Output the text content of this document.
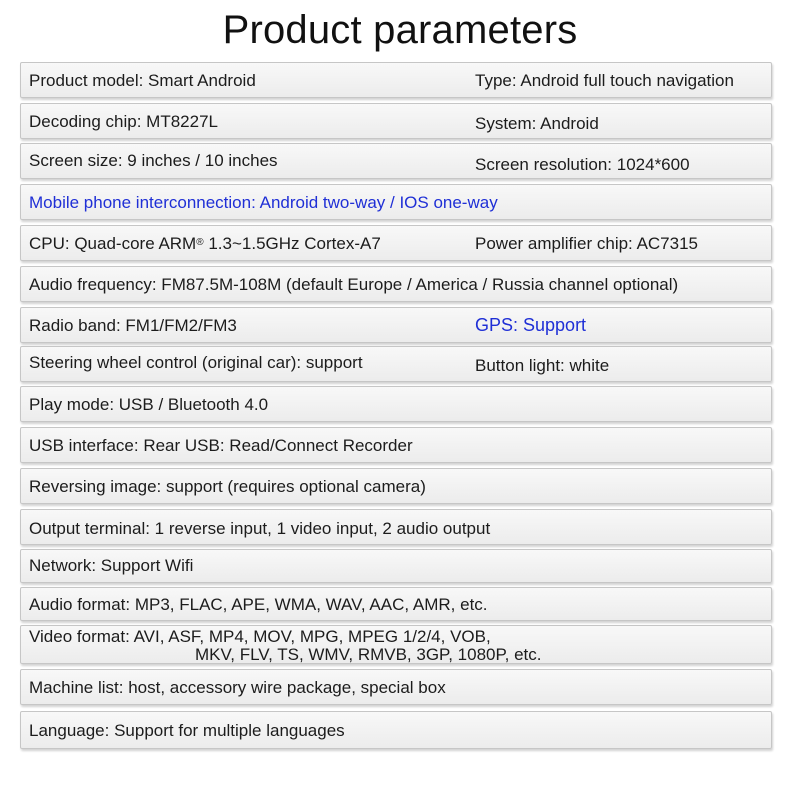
Product parameters
Product model: Smart Android	Type: Android full touch navigation
Decoding chip: MT8227L	System: Android
Screen size: 9 inches / 10 inches	Screen resolution: 1024*600
Mobile phone interconnection: Android two-way / IOS one-way
CPU: Quad-core ARM® 1.3~1.5GHz Cortex-A7	Power amplifier chip: AC7315
Audio frequency: FM87.5M-108M (default Europe / America / Russia channel optional)
Radio band: FM1/FM2/FM3	GPS: Support
Steering wheel control (original car): support	Button light: white
Play mode: USB / Bluetooth 4.0
USB interface: Rear USB: Read/Connect Recorder
Reversing image: support (requires optional camera)
Output terminal: 1 reverse input, 1 video input, 2 audio output
Network: Support Wifi
Audio format: MP3, FLAC, APE, WMA, WAV, AAC, AMR, etc.
Video format: AVI, ASF, MP4, MOV, MPG, MPEG 1/2/4, VOB,
MKV, FLV, TS, WMV, RMVB, 3GP, 1080P, etc.
Machine list: host, accessory wire package, special box
Language: Support for multiple languages
